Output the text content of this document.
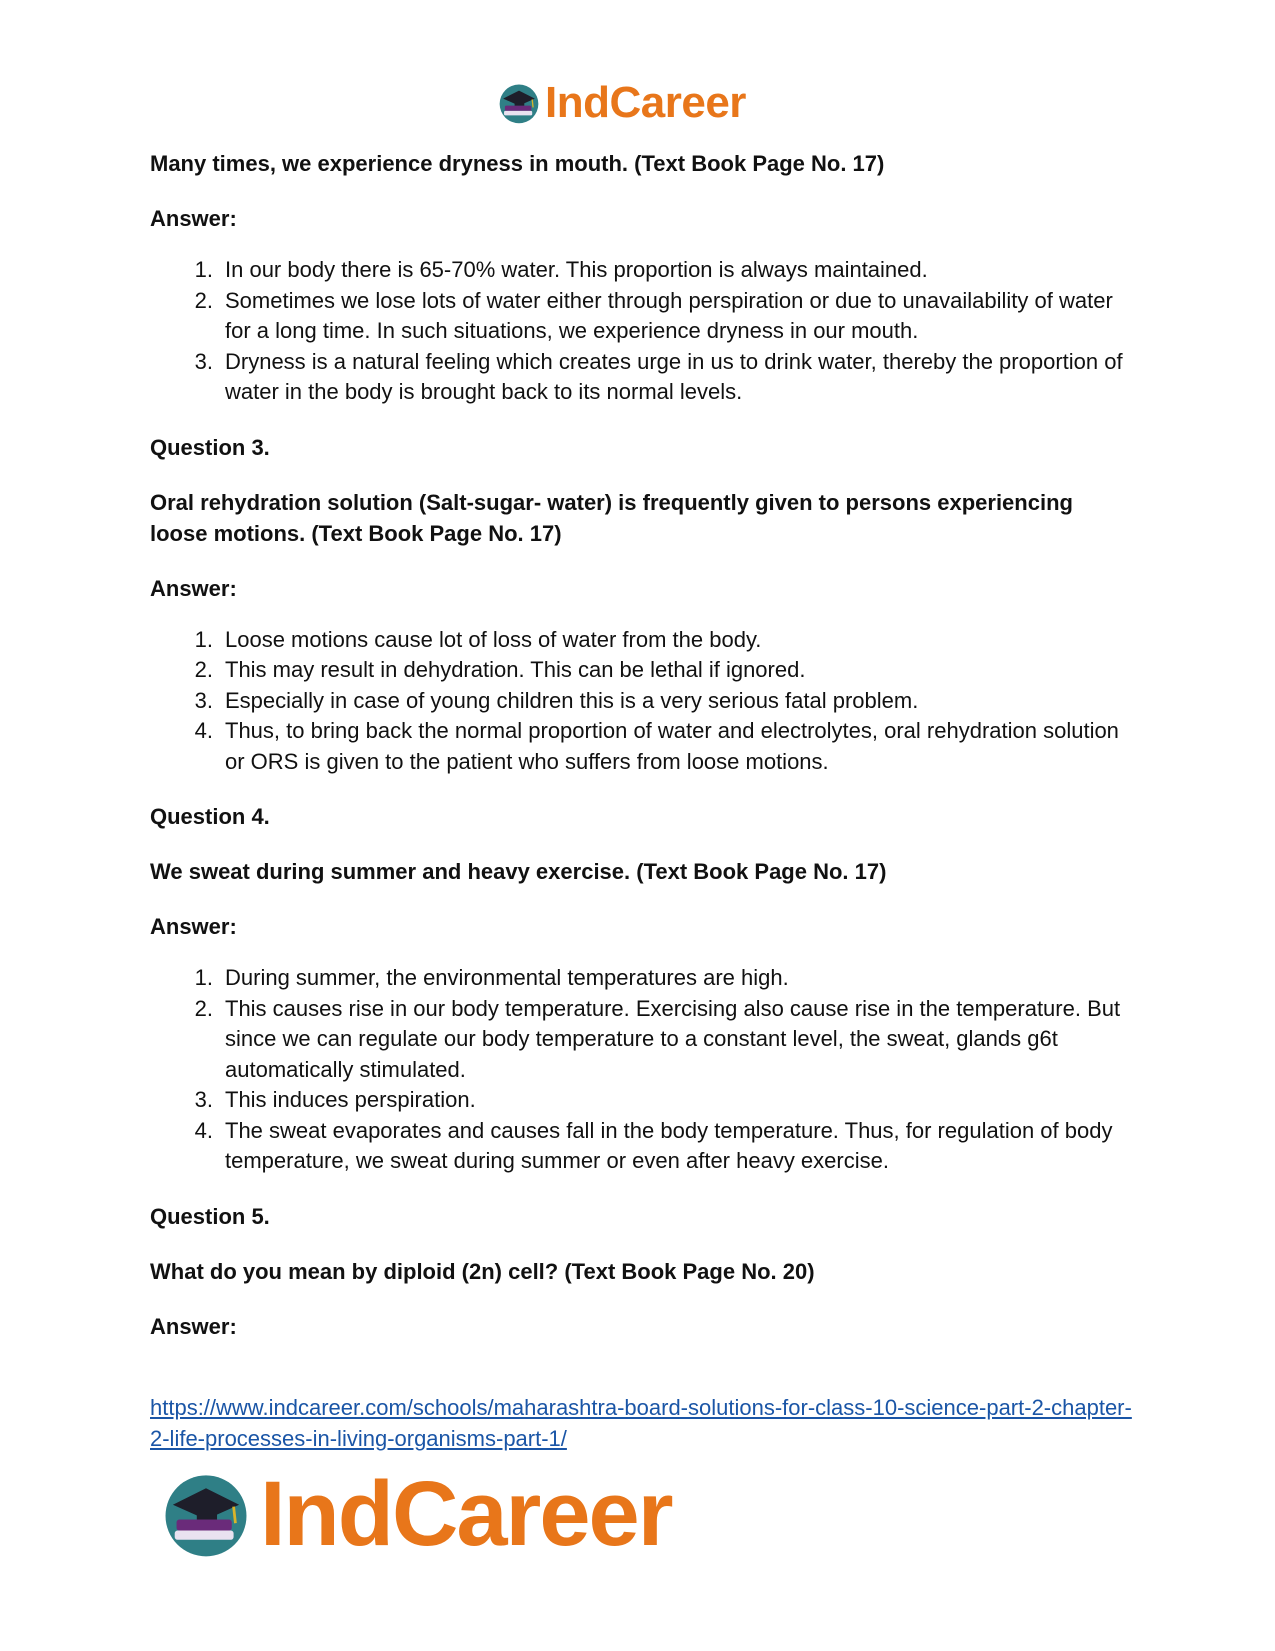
IndCareer

Many times, we experience dryness in mouth. (Text Book Page No. 17)

Answer:

1. In our body there is 65-70% water. This proportion is always maintained.
2. Sometimes we lose lots of water either through perspiration or due to unavailability of water for a long time. In such situations, we experience dryness in our mouth.
3. Dryness is a natural feeling which creates urge in us to drink water, thereby the proportion of water in the body is brought back to its normal levels.

Question 3.

Oral rehydration solution (Salt-sugar- water) is frequently given to persons experiencing loose motions. (Text Book Page No. 17)

Answer:

1. Loose motions cause lot of loss of water from the body.
2. This may result in dehydration. This can be lethal if ignored.
3. Especially in case of young children this is a very serious fatal problem.
4. Thus, to bring back the normal proportion of water and electrolytes, oral rehydration solution or ORS is given to the patient who suffers from loose motions.

Question 4.

We sweat during summer and heavy exercise. (Text Book Page No. 17)

Answer:

1. During summer, the environmental temperatures are high.
2. This causes rise in our body temperature. Exercising also cause rise in the temperature. But since we can regulate our body temperature to a constant level, the sweat, glands g6t automatically stimulated.
3. This induces perspiration.
4. The sweat evaporates and causes fall in the body temperature. Thus, for regulation of body temperature, we sweat during summer or even after heavy exercise.

Question 5.

What do you mean by diploid (2n) cell? (Text Book Page No. 20)

Answer:

https://www.indcareer.com/schools/maharashtra-board-solutions-for-class-10-science-part-2-chapter-2-life-processes-in-living-organisms-part-1/
IndCareer
